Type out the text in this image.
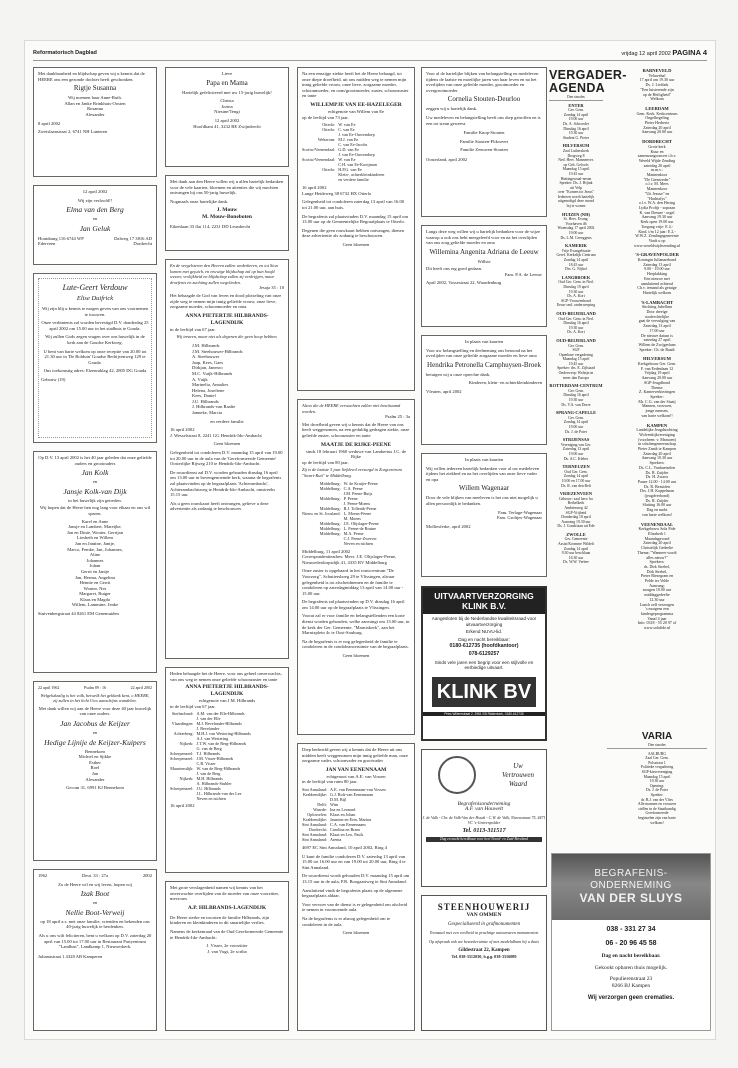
Reformatorisch Dagblad	vrijdag 12 april 2002 PAGINA 4
Met dankbaarheid en blijdschap geven wij u kennis dat de HEERE ons een gezonde dochter heeft geschonken.
Rigtje Susanna
Wij noemen haar Anne-Ruth.
Allan en Janke Brinkhuis-Oosten
Rosanna
Alexander
8 april 2002
Zwetslaanstraat 2, 6741 NH Lunteren
12 april 2002
Wij zijn verloofd!!
Elma van den Berg
en
Jan Geluk
Houtdrang 116 6744 WP Ederveen
Dalweg 17 3816 AD Dordrecht
Lute-Geert Verdouw
Elise Duifrick
Wij zijn blij u kennis te mogen geven van ons voornemen te trouwen.
Onze verbintenis zal worden bevestigd D.V. donderdag 25 april 2002 om 15.00 uur in het stadhuis te Gouda.
Wij zullen Gods zegen vragen over ons huwelijk in de kerk aan de Goudse Kerkweg.
U bent van harte welkom op onze receptie van 20.00 tot 21.30 uur in 'De Bolduin' Goudse Bedrijvenweg 129 te Gouda.
Ons toekomstig adres: Elzenraklag 42, 2805 DG Gouda
Gebouw (19)
Op D.V. 13 april 2002 is het 40 jaar geleden dat onze geliefde ouders en grootouders
Jan Kolk
en
Jansje Kolk-van Dijk
in het huwelijk zijn getreden.
Wij hopen dat de Heere hen nog lang voor elkaar en ons wil sparen.
Karel en Anne
Jansje en Lambert, Mareijke,
Jan en Dinie, Wouter, Gerrijan
Liesbeth en Willem
Jan en Jantine, Jantje,
Marco, Femke, Jan, Johannes,
Aline
Johannes
Johan
Gerrit en Jantje
Jan, Herma, Angelina
Hennie en Gerrit
Wouter, Nes
Margaret, Rutger
Klaas en Magda
Willem, Lammine, Jenke
Stuivenbergstraat 44 8261 EM Genemuiden
22 april 1962	Psalm 89 : 16	22 april 2002
Welgelukzalig is het volk, hetwelk het geklank kent, o HEERE, zij zullen in het licht Uws aanschijns wandelen.
Met dank willen wij aan de Heere voor deze 40 jaar huwelijk van onze ouders.
Jan Jacobus de Keijzer
en
Hedige Lijnije de Keijzer-Kuipers
Bennekom
Michiel en Sjikke
Esther
Roel
Jan
Alexander
Gecom 31, 6991 KJ Bennekom
1962	Deut. 33 : 27a	2002
Zo de Heere wil en wij leven, hopen wij
Izak Boot
en
Nellie Boot-Verweij
op 18 april a.s. met onze familie, vrienden en bekenden ons 40-jarig huwelijk te herdenken.
Als u ons wilt feliciteren, bent u welkom op D.V. zaterdag 20 april van 15.00 tot 17.00 uur in Restaurant Partyentrum "Landlust", Landkamp 1, Nieuwerkerk.
Julianastraat 1 4328 AB Kamperen
Lieve
Papa en Mama
Hartelijk gefeliciteerd met uw 15-jarig huwelijk!
Christa
Jorina
Niesine/Tengi
12 april 2002
Hoofdkant 41, 3232 BE Zwijndrecht
Met dank aan den Heere willen wij u allen hartelijk bedanken voor de vele kaarten, bloemen en attenties die wij mochten ontvangen bij ons 50-jarig huwelijk.
Nogmaals onze hartelijke dank.
J. Mouw
M. Mouw-Boneboten
Eikenlaan 33 flat 114, 2231 DD Leusdrecht
En de vergelsteren den Heeren zullen wederkeren, en tot Sion komen met gejuich, en eeuwige blijdschap zal op hun hoofd wezen; vrolijkheid en blijdschap zullen zij verkrijgen, maar droefenis en zuchting zullen wegvlieden.
Jesaja 35 : 10
Het behaagde de God van leven en dood plotseling van onze zijde weg te nemen mijn innig geliefde vrouw, onze lieve, zorgzame moeder, schoonmoeder en oma.
ANNA PIETERTJE HILBRANDS-LAGENDIJK
in de leeftijd van 67 jaar.
Wij treuren, maar niet als degenen die geen hoop hebben.
J.M. Hilbrands
J.M. Steehouwer-Hilbrands
A. Steehouwer
Jaap, Kees, Gaes
Dirkjan, Janeroo
M.C. Vuijk-Hilbrands
A. Vuijk
Marinelia, Annalies
Helena, Josefiene
Kees, Daniel
J.U. Hilbrands
J. Hilbrands-van Raalte
Janneke, Marcia
en verdere familie
16 april 2002
J. Wesselstraat 8, 2241 GG Hendrik-Ido-Ambacht
Geen bloemen
Gelegenheid tot condoleren D.V. maandag 15 april van 19.00 tot 20.00 uur in de aula van de 'Gereformeerde Gemeente' Oosterlijke Rijweg 210 te Hendrik-Ido-Ambacht.
De rouwdienst zal D.V. worden gehouden dinsdag 16 april om 13.00 uur in bovengenoemde kerk, waarna de begrafenis zal plaatsvinden op de begraafplaats 'Achterambacht', Achterambachtsweg te Hendrik-Ido-Ambacht, omstreeks 15.15 uur.
Als u geen rouwkaart heeft ontvangen, gelieve u deze advertentie als zodanig te beschouwen.
Heden behaagde het de Heere, voor ons geheel onverwachts, van ons weg te nemen onze geliefde schoonzuster en tante
ANNA PIETERTJE HILBRANDS-LAGENDIJK
echtgenote van J.M. Hilbrands
in de leeftijd van 67 jaar.
Sterbachsnd:	A.M. van der Elle-Hilbrands
	J. van der Elle
Vlaardingen:	M.J. Bevelander-Hilbrands
	J. Bevelander
Achterberg:	M.H.J. van Westering-Hilbrands
	A.J. van Westering
Nijkerk:	J.T.W. van de Berg-Hilbrands
	G. van de Berg
Scherpenzeel:	T.J. Hilbrands
Scherpenzeel:	J.M. Visser-Hilbrands
	C.B. Visser
Maartensdijk:	W. van de Berg-Hilbrands
	J. van de Berg
Nijkerk:	M.H. Hilbrands
	A. Hilbrands-Stubler
Scherpenzeel:	J.U. Hilbrands
	J.L. Hilbrands-van der Lee
	Neven en nichten
16 april 2002
Met grote verslagenheid namen wij kennis van het onverwachte overlijden van de moeder van onze voorzitter, mevrouw
A.P. HILBRANDS-LAGENDIJK
De Heere sterke en troosten de familie Hilbrands, zijn kinderen en kleinkinderen in dit smartelijke verlies.
Namens de kerkenraad van de Oud Gereformeerde Gemeente te Hendrik-Ido-Ambacht:
J. Visser, 2e voorzitter
J. van Vugt, 2e scriba
Na een eenzijge ziekte heeft het de Heere behaagd, tot onze diepe droefheid, uit ons midden weg te nemen mijn innig geliefde vrouw, onze lieve, zorgzame moeder, schoonmoeder, en oom/grootmoeder, zuster, schoonzuster en tante
WILLEMPJE VAN EE-HAZELEGER
echtgenote van Willem van Ee
op de leeftijd van 73 jaar.
Otterlo:	W. van Ee
Otterlo:	C. van Ee
	J. van Ee-Ouwendorp
Wekerom:	M.J. van Ee
	C. van Ee-Jacobs
Scotiw/Veenendaal:	G.D. van Ee
	J. van Ee-Ouwendorp
Scotiw/Veenendaal:	W. van Ee
	C.H. van Ee-Kooijman
Otterlo:	H.P.G. van Ee
	Klein-, achterkleinkinderen
	en verdere familie
16 april 2002
Lange Heideweg 38 6732 HX Otterlo
Gelegenheid tot condoleren zaterdag 13 april van 16.00 tot 21.00 uur, aan huis.
De begrafenis zal plaatsvinden D.V. maandag 15 april om 13.00 uur op de Gemeentelijke Begraafplaats te Otterlo.
Degenen die geen rouwkaart hebben ontvangen, dienen deze advertentie als zodanig te beschouwen.
Geen bloemen
Alzoo die de HEERE verwachten zullen niet beschaamd worden.
Psalm 25 : 3a
Met droefheid geven wij u kennis dat de Heere van ons heeft weggenomen, na een geduldig gedragen ziekte, onze geliefde zuster, schoonzuster en tante
MAATJE DE RIJKE-PEENE
sinds 18 februari 1960 weduwe van Lambertus J.C. de Rijke
op de leeftijd van 80 jaar.
Zij is de laatste 3 jaar liefdevol verzorgd in Zorgcentrum "Swart-Ruit" te Middelburg.
Middelburg:	W. de Kruijer-Peene
Middelburg:	C.A. Peene
	J.M. Peene-Buijs
Middelburg:	P. Peene
	J. Peene-Moens
Middelburg:	R.J. Tollenik-Peene
Nieuw en St. Joosland:	L. Moens-Peene
	M. Moens
Middelburg:	J.E. Olijslager-Peene
Middelburg:	L. Peene-de Bruine
Middelburg:	M.A. Peene
	C.J. Peene-Zwerver
	Neven en nichten
Middelburg, 11 april 2002
Correspondentieadres: Mevr. J.E. Olijslager-Peene, Nieuwederdorpsdijk 41, 4335 BV Middelburg
Onze zuster is opgebaard in het rouwcentrum "De Voorzorg", Schuttershoeg 29 te Vlissingen, alwaar gelegenheid is tot afscheidnemen en de familie te condoleren op zaterdagmiddag 13 april van 14.00 uur - 15.00 uur.
De begrafenis zal plaatsvinden op D.V. dinsdag 16 april om 14.00 uur op de begraafplaats te Vlissingen.
Voorat zal er voor familie en belangstellenden een korte dienst worden gehouden, welke aanvangt om 13.00 uur, in de kerk der Ger. Gemeente, "Marnixkerk", aan het Marnixplein 4c te Oost-Souburg.
Na de begrafenis is er nog gelegenheid de familie te condoleren in de condoleanceruimte van de begraafplaats.
Geen bloemen
Diep bedroefd geven wij u kennis dat de Heere uit ons midden heeft weggenomen mijn innig geliefde man, onze zorgzame vader, schoonvader en grootvader
JAN VAN EENENNAAM
echtgenoot van A.E. van Vossen
in de leeftijd van ruim 80 jaar.
Sint Annaland:	A.E. van Eenennaam-van Vossen
Krabbendijke:	G.J. Bolt-van Eenennaam
	D.M. Bijl
Delft:	Wim
Waarde:	Ina en Leonard
Oplosselen:	Klaas en Johan
Krabbendijke:	Jasmine en Erin, Marion
Sint Annaland:	C.A. van Eenennaam
Dordrecht:	Carolina en Bram
Sint Annaland:	Klaas en Leo, Pauls
Sint Annaland:	Arenta
4697 EC Sint Annaland, 10 april 2002, Ring 4
U kunt de familie condoleren D.V. zaterdag 13 april van 15.00 tot 16.00 uur en van 19.00 tot 20.00 uur, Ring 4 te Sint Annaland.
De rouwdienst wordt gehouden D.V. maandag 15 april om 13.15 uur in de aula, P.R. Boogaartweg te Sint Annaland.
Aansluitend vindt de begrafenis plaats op de algemene begraafplaats aldaar.
Voor vervoer van de dienst is er gelegenheid om afscheid te nemen in voornoemde aula.
Na de begrafenis is er alsnog gelegenheid om te condoleren in de aula.
Geen bloemen
Voor al de hartelijke blijken van belangstelling en medeleven tijdens de laatste en moeilijke jaren van haar leven en na het overlijden van onze geliefde moeder, grootmoeder en overgrootmoeder
Cornelia Stouten-Deurloo
zeggen wij u hartelijk dank.
Uw medeleven en belangstelling heeft ons diep getroffen en is een tot steun geweest.
Familie Knop-Stouten
Familie Stouten-Flikweert
Familie Zeeuwen-Stouten
Oosterland, april 2002
Langs deze weg willen wij u hartelijk bedanken voor de wijze waarop u ook ons hebt meegeleefd voor en na het overlijden van ons zorg geliefde moeder en oma
Willemina Angenita Adriana de Leeuw
Willsie
Dit heeft ons erg goed gedaan.
Fam. P.A. de Leeuw
April 2002, Vossestraat 22, Waardenburg
In plaats van kaarten
Voor uw belangstelling en deelneming ons betoond na het overlijden van onze geliefde zorgzame moeder en lieve oma
Hendrika Petronella Camphuysen-Broek
betuigen wij u onze oprechte dank.
Kinderen, klein- en achterkleinkinderen
Vleuten, april 2002
In plaats van kaarten
Wij willen iedereen hartelijk bedanken voor al uw medeleven tijdens het ziekbed en na het overlijden van onze lieve vader en opa
Willem Wagenaar
Door de vele blijken van meeleven is het ons niet mogelijk u allen persoonlijk te bedanken.
Fam. Terlage-Wagenaar
Fam. Groltjes-Wagenaar
Molliesferke, april 2002
UITVAARTVERZORGING KLINK B.V.
Aangesloten bij de Nederlandse kwaliteitsraad voor uitvaartverzorging
Erkend NUVU-lid.
Dag en nacht bereikbaar:
0180-612735 (hoofdkantoor)
078-6129257
Sinds vele jaren een begrip voor een stijlvolle en eerbiedige uitvaart.
KLINK BV
Prins Willemstraat 2, 2981 EB Ridderkerk, 0180-612735
Uw
Vertrouwen
Waard
Begrafenisonderneming
A.F. van Houwelt
J. de Valk - Chr. de Valk-Van der Houdt - C.W. de Valk, Nieuwstraat 75, 4471 VC 's-Gravenpolder
Tel. 0113-311517
Dag en nacht bereikbaar voor heel Noord- en Zuid-Beveland
STEENHOUWERIJ
VAN OMMEN
Gespecialiseerd in grafmonumenten
Toonzaal met een veelheid in prachtige natuursteen monumenten
Op afspraak ook uw bezoekeruimte of met modelalbum bij u thuis
Gildestraat 22, Kampen
Tel. 038-3312030, b.g.g. 038-3316089
VERGADER-AGENDA
Den sinodes
ENTER
Ger. Gem.
Zondag 14 april
19.00 uur
Ds. A. Schroeder
Dinsdag 16 april
19.30 uur
Student G. Pieter
HILVERSUM
Zaal Lutherskerk
Drogweg 8
Ned. Herv. Mannenver.
op Geb. Geloofs
Maandag 15 april
19.45 uur
Huttingerzaal-nesen
Spreker: Ds. J. Hijink
uit Velp
over "Komen tot Jezus"
Iedereen wordt hartelijk
uitgenodigd deze avond
bij te wonen
HUIZEN (NH)
St. Herv. Evang.
Voorhaven 46
Woensdag 17 april 2002
19.00 uur
Ds. L.M. Ceeeggens
KAMERIK
Vrije Evangelisatie
Geref. Kerkelijk Centrum
Zondag 14 april
18.45 uur
Drs. G. Nijhof
LANGBROEK
Oud Ger. Gem. in Ned.
Dinsdag 19 april
19.30 uur
Ds. A. Kort
SGP-Vrouwenbond
Eeuw ond. onderwerping
OUD-BEIJERLAND
Oud Ger. Gem. in Ned.
Dinsdag 16 april
19.30 uur
Ds. A. Kort
OUD-BEIJERLAND
Ger. Gem.
SGP
Openbare vergadering
Maandag 15 april
19.45 uur
Spreker: drs. E. Zijlstaad
Onderwerp: Welzijn in
meer dan Europa
ROTTERDAM-CENTRUM
Ger. Gem.
Dinsdag 16 april
19.30 uur
Ds. V.A. van Dorre
SPRANG-CAPELLE
Ger. Gem.
Zondag 14 april
19.00 uur
Ds. J. de Poter
STRIJENSAS
Vereniging van Ger.
Zaterdag 13 april
19.00 uur
Ds. A.C. Kleber
TERNEUZEN
Oud Ger. Gem.
Zondag 14 april
10.00 en 17.00 uur
Ds. R. van den Belt
VRIEZENVEEN
Gebouw: zaal herv. bo
Bethelkerk
Ambtenweg 42
SGP-Vrijheid
Donderdag 18 april
Aanvang 19.30 uur
Ds. J. Goudriaan uit Ede
ZWOLLE
Ger. Gemeente
Assisi/Kromme Wildelt
Zondag 14 april
9.30 uur beschlaan
16.30 uur
Ds. W.W. Verbee
BARNEVELD
Veluwehal
17 april om 19.30 uur
Ds. J. Lieftink
"Een luisterende zijn
op de Heiligheid"
Welkom
LEERDAM
Gem. Kerk. Kerkcentrum
Ongelbegeling
Pieter Herbertz
Zaterdag 20 april
Aanvang 20.00 uur
DORDRECHT
Grote kerk
Kuur en
samenzangconcert i.h.v.
Wereld Wijde Zending
zaterdag 20 april
m.m.v.:
Mannenkoor
"De Grensreder"
o.l.v. M. Mees
Mannenkoor
"Uit Jezuse" en
"Hadriafys"
o.l.v. W.A. den Hering
Lydia Profijt - sopraan
K. van Dreune - orgel
Aanvang 19.30 uur
Kerk open 19.00 uur
Toegang vrije: E 4,-
Kind. t/m 12 jaar: E 2,-
W.W.Z. Zendingsgemeente
Vindt u op
www.wereldwijdezending.nl
'S-GRAVENPOLDER
Koningin Julianarebond
Zaterdag 13 april
9.00 - 19.00 uur
Herplakking
Een nieuwe met
aansluitend achteraf
Ch.v. iemand als getuige
Hartelijk welkom
'S-LAMBACHT
Stichting Jubellum
Door dreeige
strafrechtelijke
gaat de vervulging van
Zaterdag 13 april
17.00 uur
De nieuwe datum is
zaterdag 27 april
Willem de Zwijgerlaan
Spreker: Ch. de Raadt
HILVERSUM
Kerkgebouw Ger. Gem.
F. van Eedenlaan 12
Vrijdag 19 april
Aanvang 20.00 uur
SGP-Jeugdbond
Thema:
Z. Kamerverkiezingen
Spreker:
Mr. C.G. van der Staaij
Mannen, vrouwen,
jonge mensen,
van harte welkom!!
KAMPEN
Landelijke Jeugdstichting
Wolvenkijkvereniging
(voorheen: v. Mamoen)
in scholengemeenschap
Pieter Zandt te Kampen
Zaterdag 20 april
Aanvang 10.30 uur
Sprekers:
Ds. C.L. Vanhueizelen
Ds. R. Zuijder
Ds. H. Zwarts
Pauze 12.00 - 14.00 uur
Ds. R. Bezuiden
Drs. J.H. Koppelman
(jeugdverbond)
Ds. R. Zuijder
Sluiting 16.00 uur
Dag en nacht
van harte welkom!
VEENENDAAL
Kerkgebouw Sola Fide
Elisabeth 1
Maandagavond
Zaterdag 20 april
Christelijk Gedeelte
Thema: "Wanneer wordt
alles nieuw?"
Sprekers:
ds. Dirk Strebel,
Dirk Strebel,
Pieter Biesegram en
Pelde ter Velde
Aanvang:
morgen 10.00 uur
middaggedeelte
12.30 uur
Lunch zelf verzorgen
's morgens een
kindergeprogramma
Vanaf 4 jaar
Info: 0318 - 55 20 97 of
www.solafide.nl
VARIA
Den sinodes
AALBURG
Zaal Ger. Gem.
Polsstraat 1
Politieke vergadering
SGP-kiesvereniging
Maandag 15 april
19.30 uur
Opening:
Ds. J. de Poter
Spreker:
dr. B.J. van der Vlies
Alle mannen en vrouwen
stellen in de Staatkundig
Gereformeerde
beginselen zijn van harte
welkom!
BEGRAFENIS-
ONDERNEMING
VAN DER SLUYS
038 - 331 27 34
06 - 20 96 45 58
Dag en nacht bereikbaar.
Gekookt opbaren thuis mogelijk.
Populierenstraat 23
8266 BJ Kampen
Wij verzorgen geen crematies.
